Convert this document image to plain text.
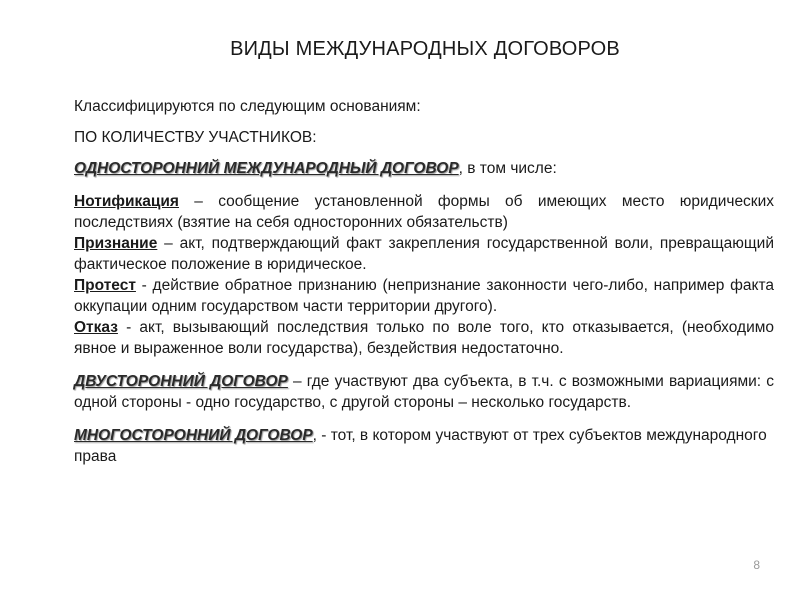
ВИДЫ МЕЖДУНАРОДНЫХ ДОГОВОРОВ

Классифицируются по следующим основаниям:

ПО КОЛИЧЕСТВУ УЧАСТНИКОВ:

ОДНОСТОРОННИЙ МЕЖДУНАРОДНЫЙ ДОГОВОР, в том числе:

Нотификация – сообщение установленной формы об имеющих место юридических последствиях (взятие на себя односторонних обязательств)

Признание – акт, подтверждающий факт закрепления государственной воли, превращающий фактическое положение в юридическое.

Протест - действие обратное признанию (непризнание законности чего-либо, например факта оккупации одним государством части территории другого).

Отказ - акт, вызывающий последствия только по воле того, кто отказывается, (необходимо явное и выраженное воли государства), бездействия недостаточно.

ДВУСТОРОННИЙ ДОГОВОР – где участвуют два субъекта, в т.ч. с возможными вариациями: с одной стороны - одно государство, с другой стороны – несколько государств.

МНОГОСТОРОННИЙ ДОГОВОР, - тот, в котором участвуют от трех субъектов международного права

8
